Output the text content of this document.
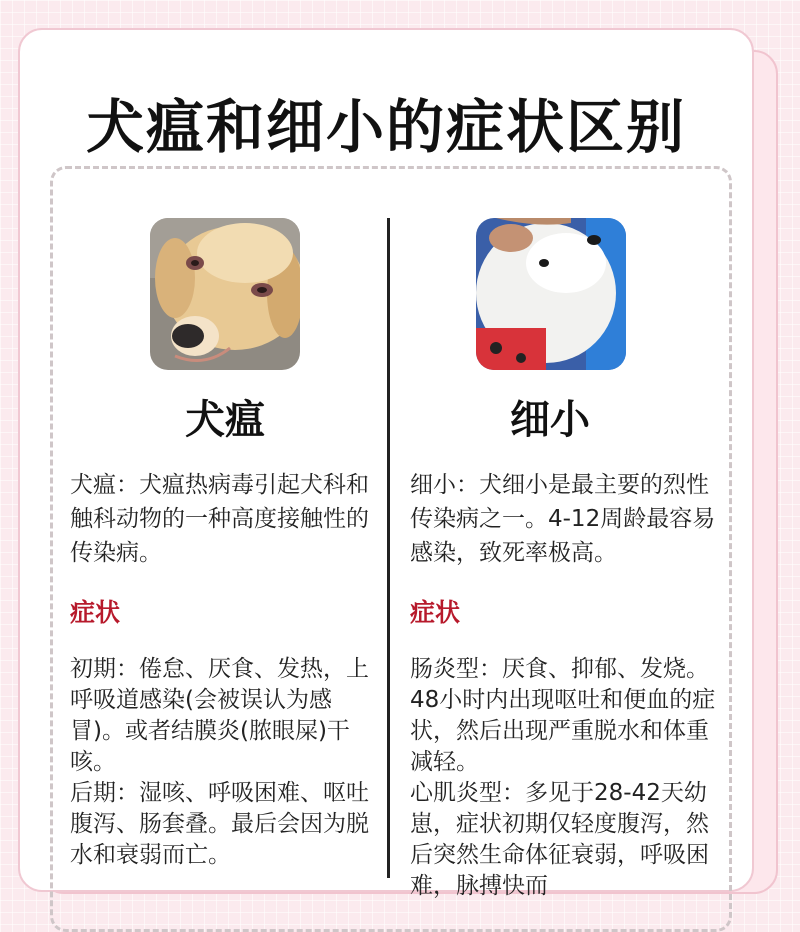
犬瘟和细小的症状区别
犬瘟
犬瘟：犬瘟热病毒引起犬科和触科动物的一种高度接触性的传染病。
症状
初期：倦怠、厌食、发热，上呼吸道感染(会被误认为感冒)。或者结膜炎(脓眼屎)干咳。
后期：湿咳、呼吸困难、呕吐腹泻、肠套叠。最后会因为脱水和衰弱而亡。
细小
细小：犬细小是最主要的烈性传染病之一。4-12周龄最容易感染，致死率极高。
症状
肠炎型：厌食、抑郁、发烧。48小时内出现呕吐和便血的症状，然后出现严重脱水和体重减轻。
心肌炎型：多见于28-42天幼崽，症状初期仅轻度腹泻，然后突然生命体征衰弱，呼吸困难，脉搏快而
